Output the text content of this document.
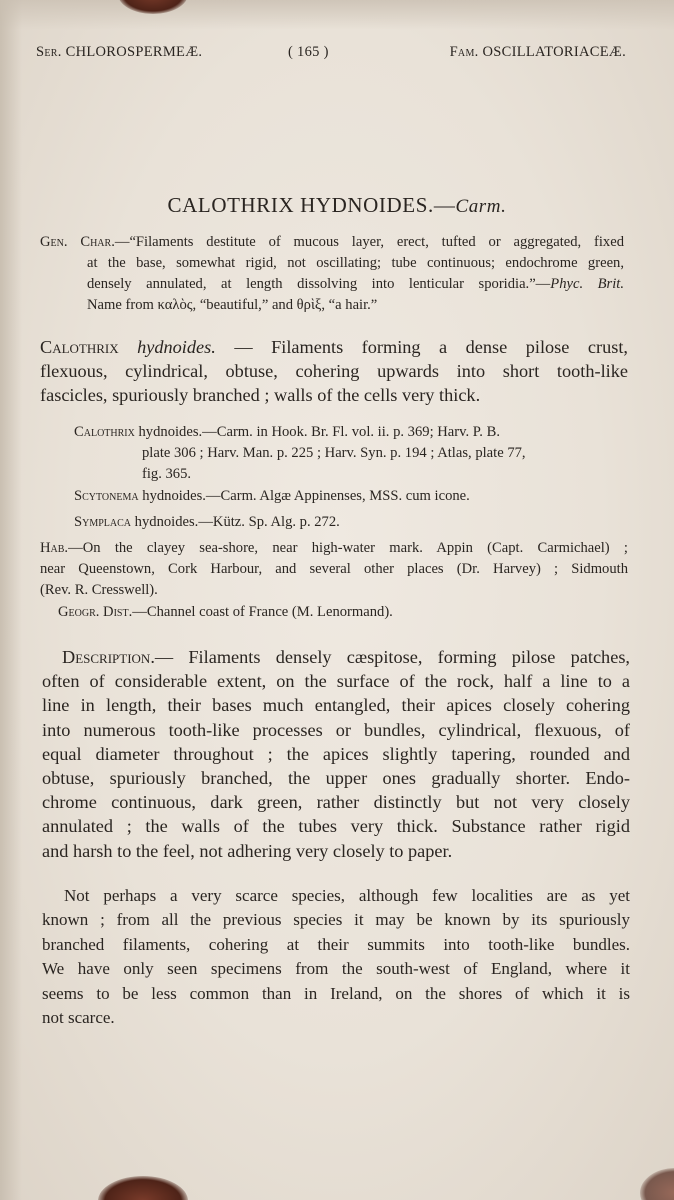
Ser. CHLOROSPERMEÆ.	( 165 )	Fam. OSCILLATORIACEÆ.
CALOTHRIX HYDNOIDES.—Carm.
Gen. Char.—“Filaments destitute of mucous layer, erect, tufted or aggregated, fixed
at the base, somewhat rigid, not oscillating; tube continuous; endochrome green,
densely annulated, at length dissolving into lenticular sporidia.”—Phyc. Brit.
Name from καλὸς, “beautiful,” and θρὶξ, “a hair.”
Calothrix hydnoides. — Filaments forming a dense pilose crust,
flexuous, cylindrical, obtuse, cohering upwards into short tooth-like
fascicles, spuriously branched ; walls of the cells very thick.
Calothrix hydnoides.—Carm. in Hook. Br. Fl. vol. ii. p. 369; Harv. P. B.
plate 306 ; Harv. Man. p. 225 ; Harv. Syn. p. 194 ; Atlas, plate 77,
fig. 365.
Scytonema hydnoides.—Carm. Algæ Appinenses, MSS. cum icone.
Symplaca hydnoides.—Kütz. Sp. Alg. p. 272.
Hab.—On the clayey sea-shore, near high-water mark. Appin (Capt. Carmichael) ;
near Queenstown, Cork Harbour, and several other places (Dr. Harvey) ; Sidmouth
(Rev. R. Cresswell).
Geogr. Dist.—Channel coast of France (M. Lenormand).
Description.— Filaments densely cæspitose, forming pilose patches,
often of considerable extent, on the surface of the rock, half a line to a
line in length, their bases much entangled, their apices closely cohering
into numerous tooth-like processes or bundles, cylindrical, flexuous, of
equal diameter throughout ; the apices slightly tapering, rounded and
obtuse, spuriously branched, the upper ones gradually shorter. Endo-
chrome continuous, dark green, rather distinctly but not very closely
annulated ; the walls of the tubes very thick. Substance rather rigid
and harsh to the feel, not adhering very closely to paper.
Not perhaps a very scarce species, although few localities are as yet
known ; from all the previous species it may be known by its spuriously
branched filaments, cohering at their summits into tooth-like bundles.
We have only seen specimens from the south-west of England, where it
seems to be less common than in Ireland, on the shores of which it is
not scarce.
